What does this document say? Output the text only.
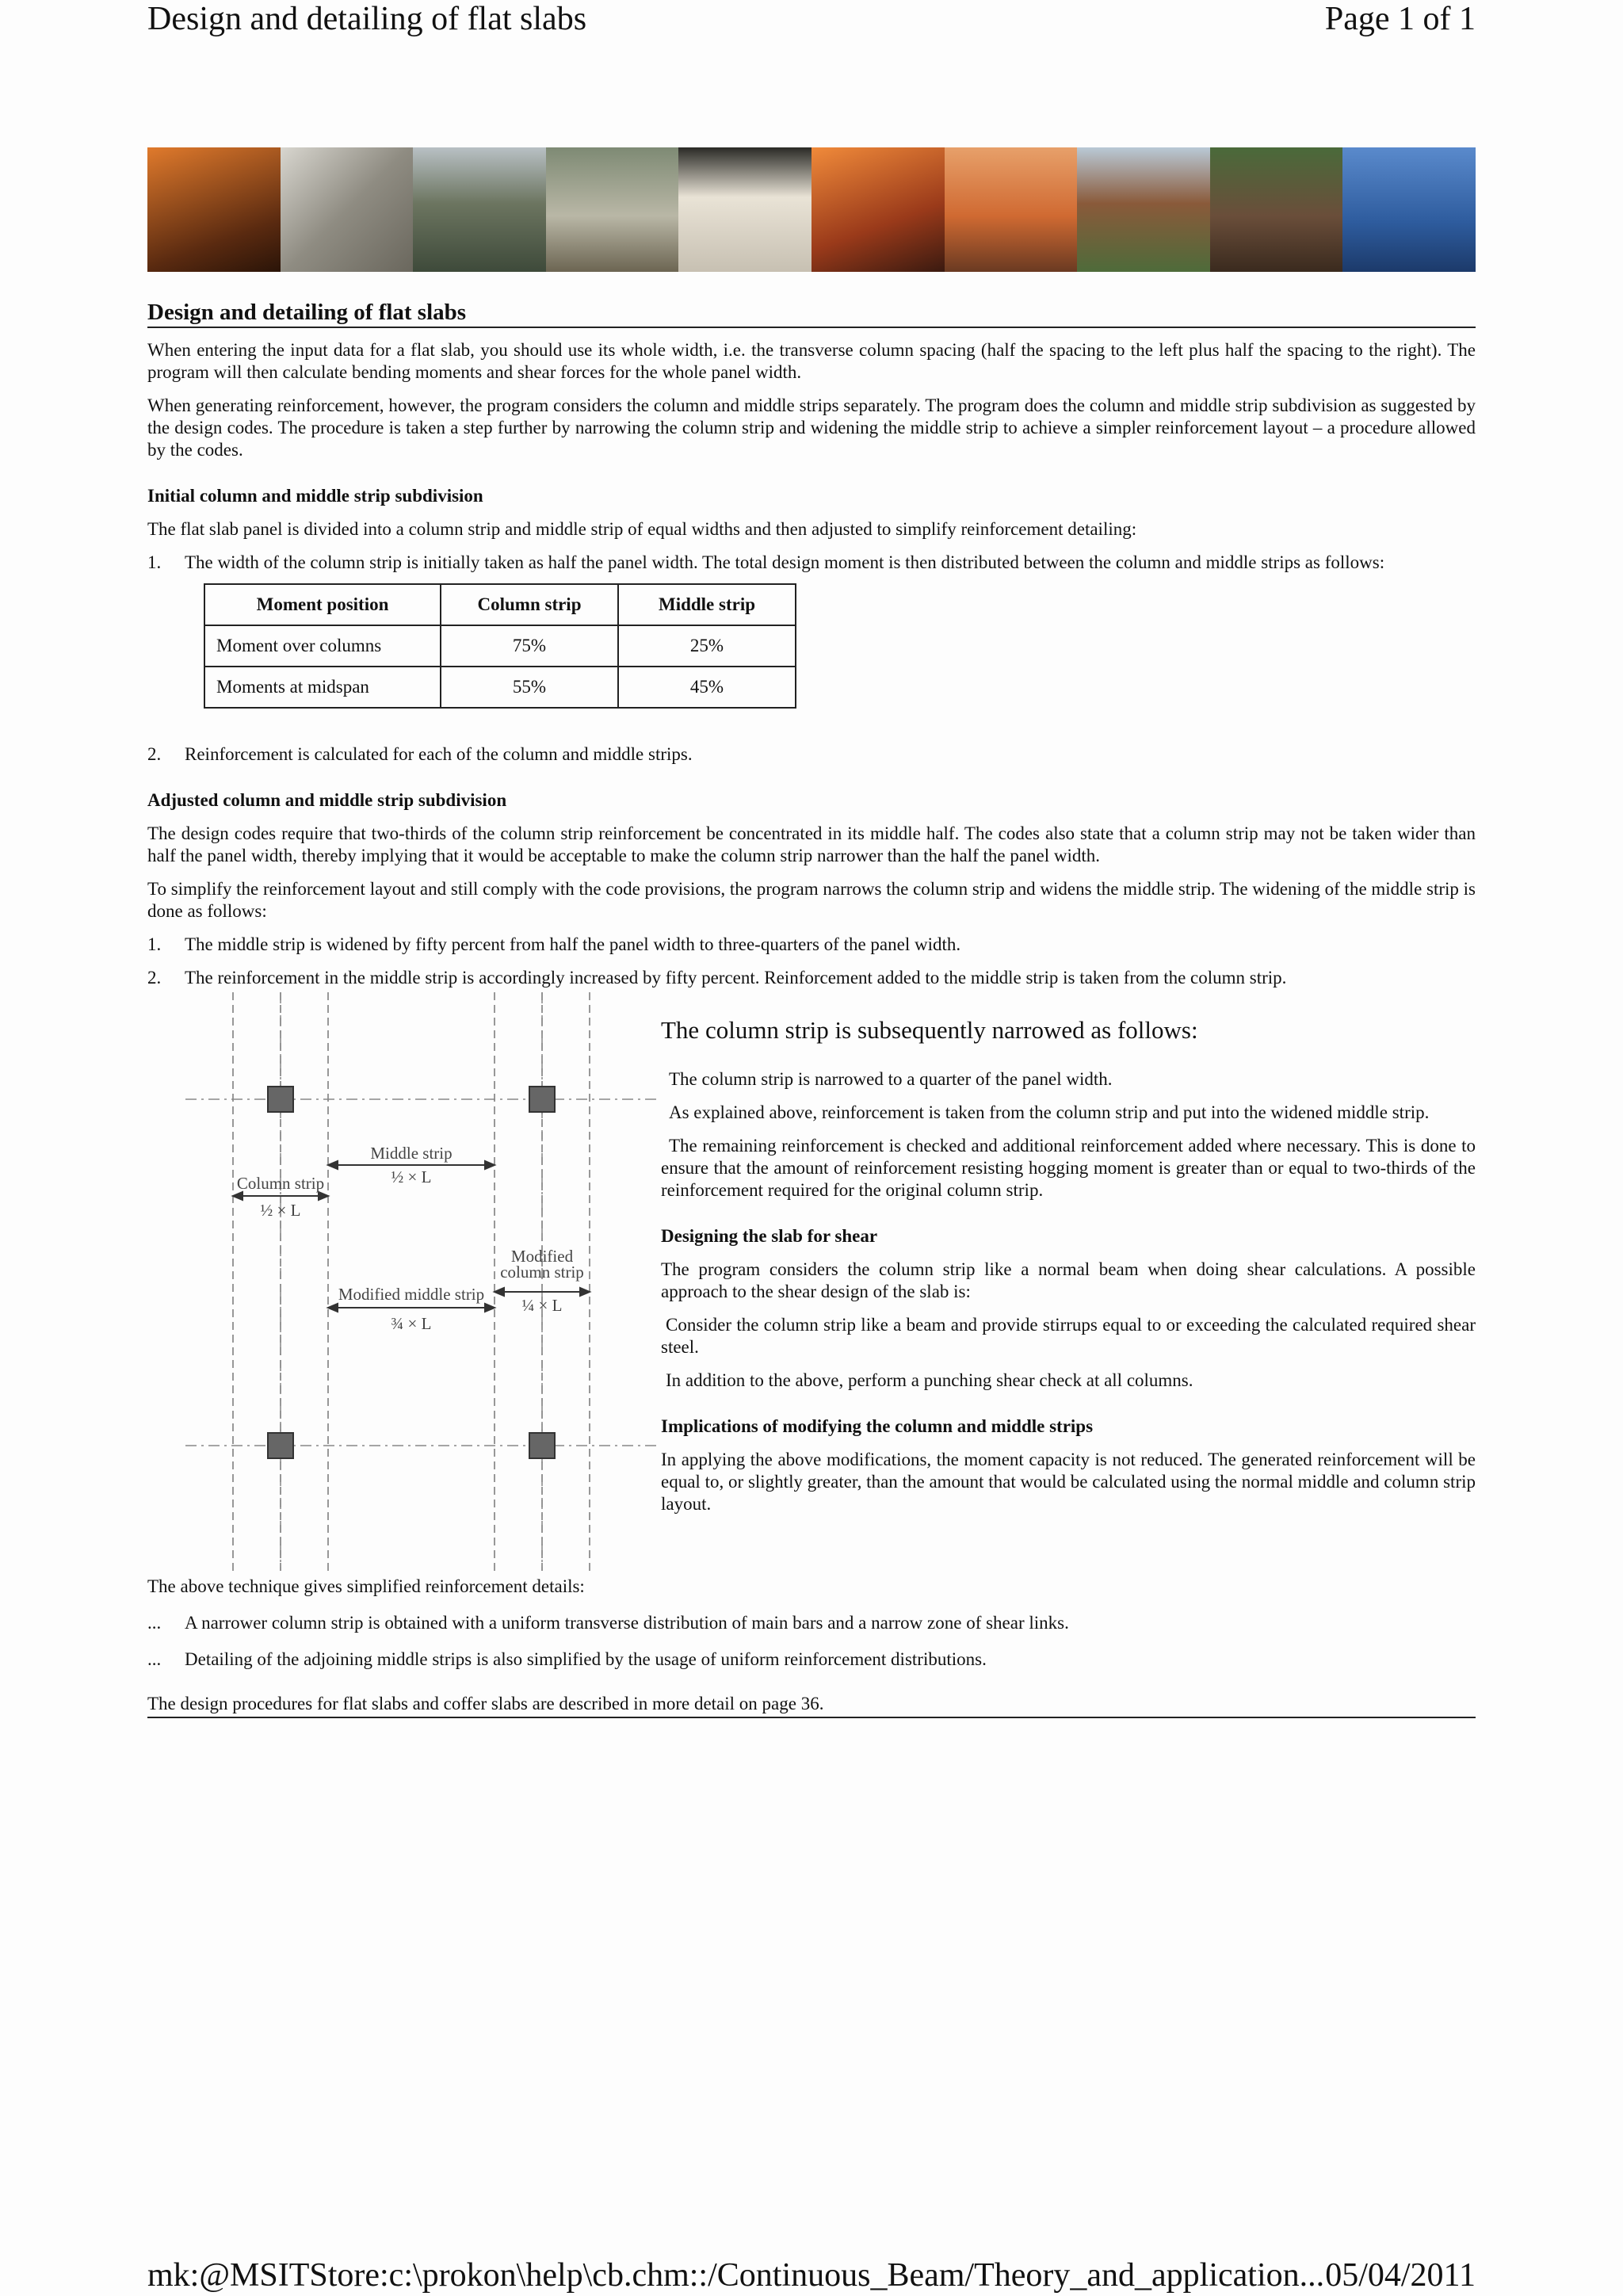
Design and detailing of flat slabs	Page 1 of 1
Design and detailing of flat slabs

When entering the input data for a flat slab, you should use its whole width, i.e. the transverse column spacing (half the spacing to the left plus half the spacing to the right). The program will then calculate bending moments and shear forces for the whole panel width.

When generating reinforcement, however, the program considers the column and middle strips separately. The program does the column and middle strip subdivision as suggested by the design codes. The procedure is taken a step further by narrowing the column strip and widening the middle strip to achieve a simpler reinforcement layout – a procedure allowed by the codes.

Initial column and middle strip subdivision

The flat slab panel is divided into a column strip and middle strip of equal widths and then adjusted to simplify reinforcement detailing:

1. The width of the column strip is initially taken as half the panel width. The total design moment is then distributed between the column and middle strips as follows:
Moment position	Column strip	Middle strip
Moment over columns	75%	25%
Moments at midspan	55%	45%
2.	Reinforcement is calculated for each of the column and middle strips.
Adjusted column and middle strip subdivision

The design codes require that two-thirds of the column strip reinforcement be concentrated in its middle half. The codes also state that a column strip may not be taken wider than half the panel width, thereby implying that it would be acceptable to make the column strip narrower than the half the panel width.

To simplify the reinforcement layout and still comply with the code provisions, the program narrows the column strip and widens the middle strip. The widening of the middle strip is done as follows:

1.	The middle strip is widened by fifty percent from half the panel width to three-quarters of the panel width.
2.	The reinforcement in the middle strip is accordingly increased by fifty percent. Reinforcement added to the middle strip is taken from the column strip.
Middle strip
½ × L
Column strip
½ × L
Modified
column strip
¼ × L
Modified middle strip
¾ × L

The column strip is subsequently narrowed as follows:

The column strip is narrowed to a quarter of the panel width.

As explained above, reinforcement is taken from the column strip and put into the widened middle strip.

The remaining reinforcement is checked and additional reinforcement added where necessary. This is done to ensure that the amount of reinforcement resisting hogging moment is greater than or equal to two-thirds of the reinforcement required for the original column strip.

Designing the slab for shear

The program considers the column strip like a normal beam when doing shear calculations. A possible approach to the shear design of the slab is:

Consider the column strip like a beam and provide stirrups equal to or exceeding the calculated required shear steel.

In addition to the above, perform a punching shear check at all columns.

Implications of modifying the column and middle strips

In applying the above modifications, the moment capacity is not reduced. The generated reinforcement will be equal to, or slightly greater, than the amount that would be calculated using the normal middle and column strip layout.

The above technique gives simplified reinforcement details:

...	A narrower column strip is obtained with a uniform transverse distribution of main bars and a narrow zone of shear links.
...	Detailing of the adjoining middle strips is also simplified by the usage of uniform reinforcement distributions.
The design procedures for flat slabs and coffer slabs are described in more detail on page 36.
mk:@MSITStore:c:\prokon\help\cb.chm::/Continuous_Beam/Theory_and_application... 05/04/2011
